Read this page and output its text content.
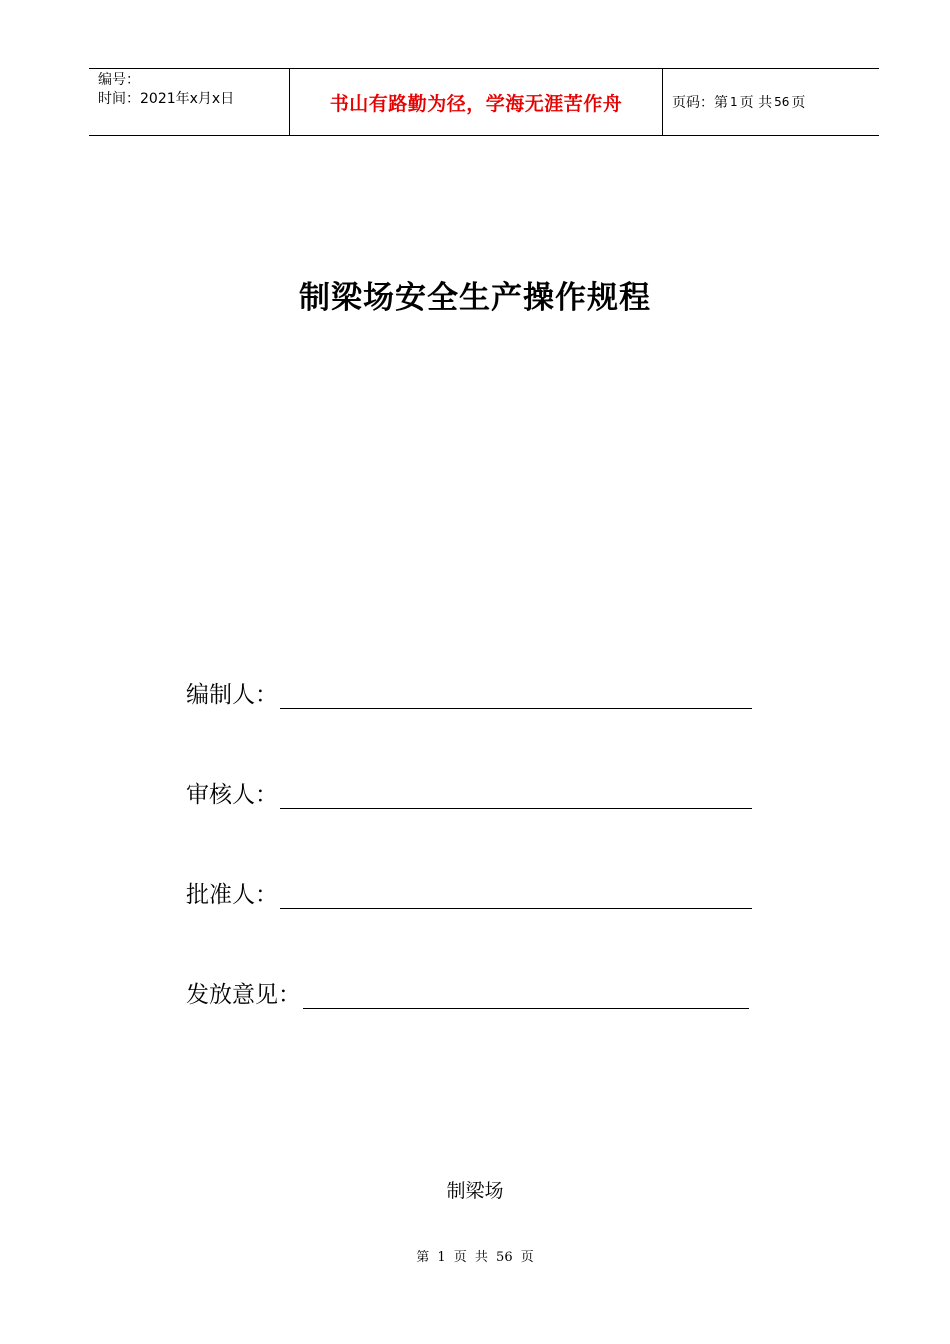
编号：
时间：2021年x月x日	书山有路勤为径，学海无涯苦作舟	页码：第 1 页 共 56 页
制梁场安全生产操作规程
编制人：
审核人：
批准人：
发放意见：
制梁场
第 1 页 共 56 页
